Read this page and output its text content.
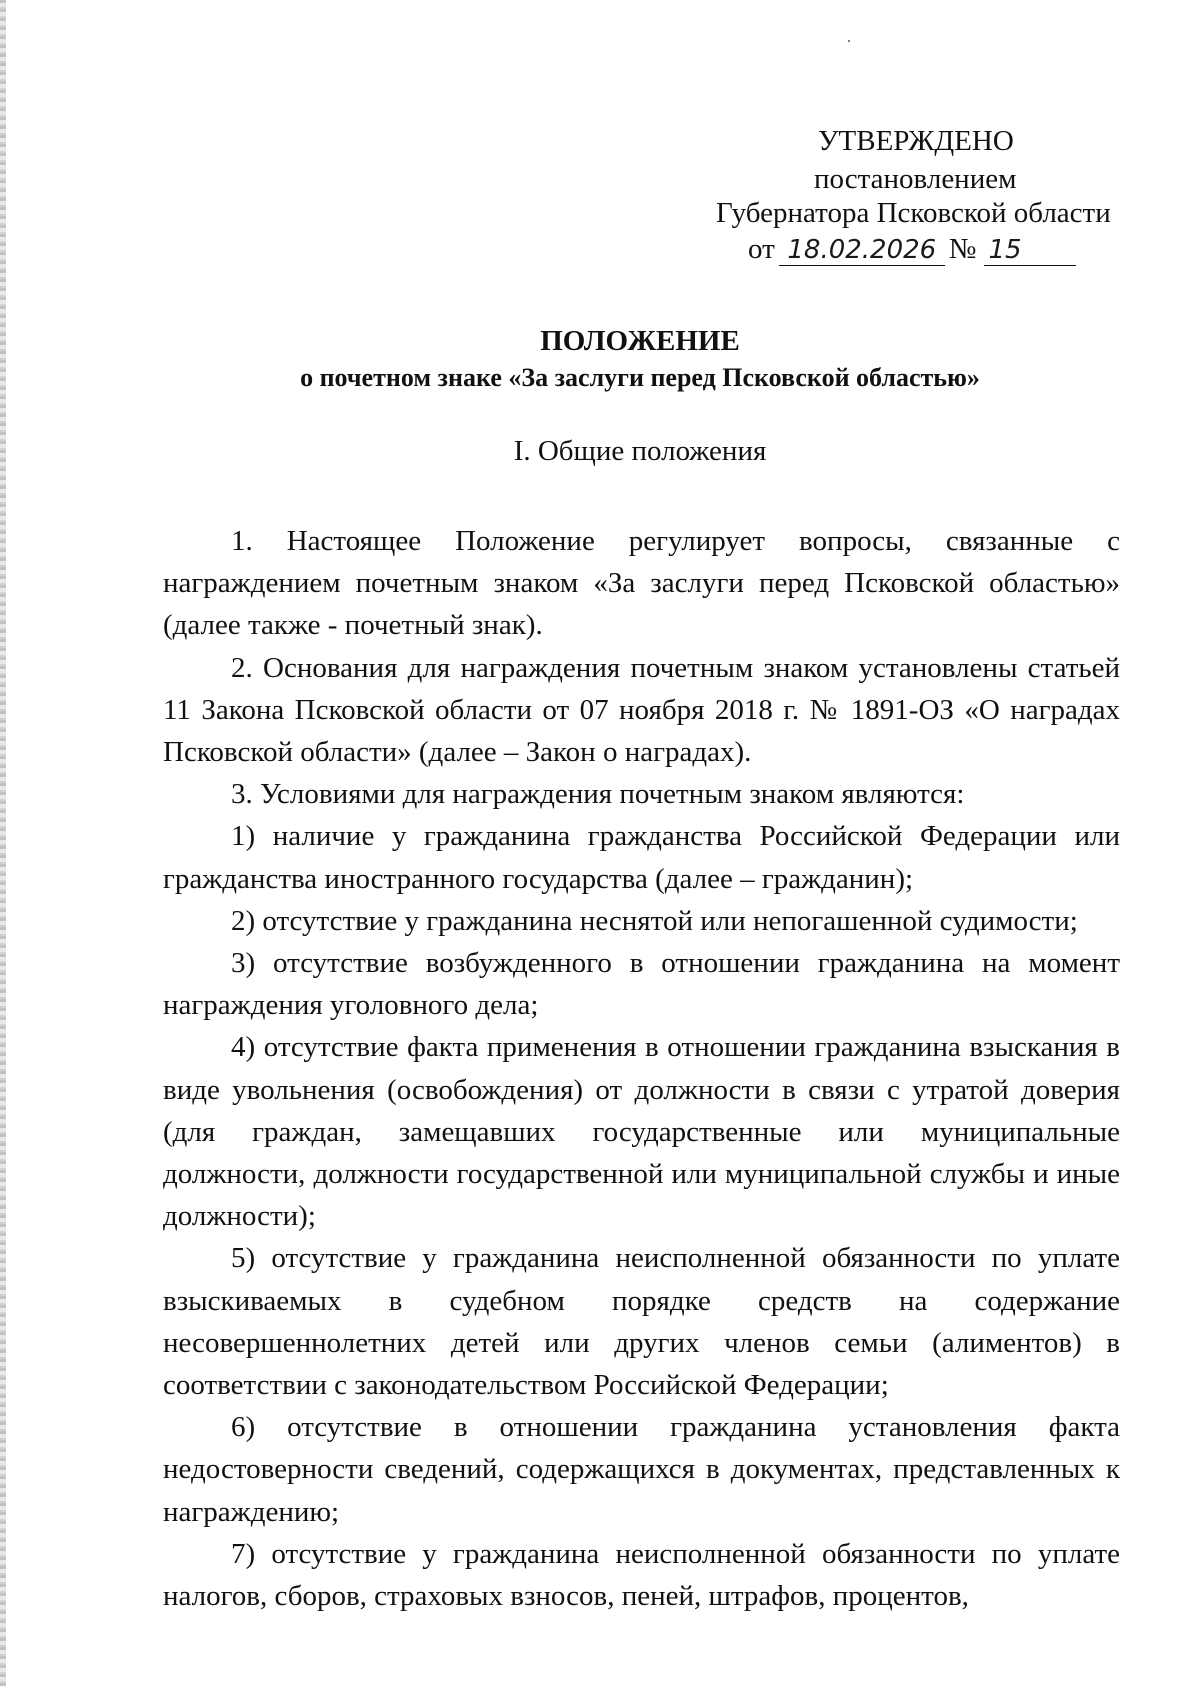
УТВЕРЖДЕНО
постановлением
Губернатора Псковской области
от 18.02.2026 № 15
ПОЛОЖЕНИЕ
о почетном знаке «За заслуги перед Псковской областью»
I. Общие положения

1. Настоящее Положение регулирует вопросы, связанные с награждением почетным знаком «За заслуги перед Псковской областью» (далее также - почетный знак).

2. Основания для награждения почетным знаком установлены статьей 11 Закона Псковской области от 07 ноября 2018 г. № 1891-ОЗ «О наградах Псковской области» (далее – Закон о наградах).

3. Условиями для награждения почетным знаком являются:

1) наличие у гражданина гражданства Российской Федерации или гражданства иностранного государства (далее – гражданин);

2) отсутствие у гражданина неснятой или непогашенной судимости;

3) отсутствие возбужденного в отношении гражданина на момент награждения уголовного дела;

4) отсутствие факта применения в отношении гражданина взыскания в виде увольнения (освобождения) от должности в связи с утратой доверия (для граждан, замещавших государственные или муниципальные должности, должности государственной или муниципальной службы и иные должности);

5) отсутствие у гражданина неисполненной обязанности по уплате взыскиваемых в судебном порядке средств на содержание несовершеннолетних детей или других членов семьи (алиментов) в соответствии с законодательством Российской Федерации;

6) отсутствие в отношении гражданина установления факта недостоверности сведений, содержащихся в документах, представленных к награждению;

7) отсутствие у гражданина неисполненной обязанности по уплате налогов, сборов, страховых взносов, пеней, штрафов, процентов,
